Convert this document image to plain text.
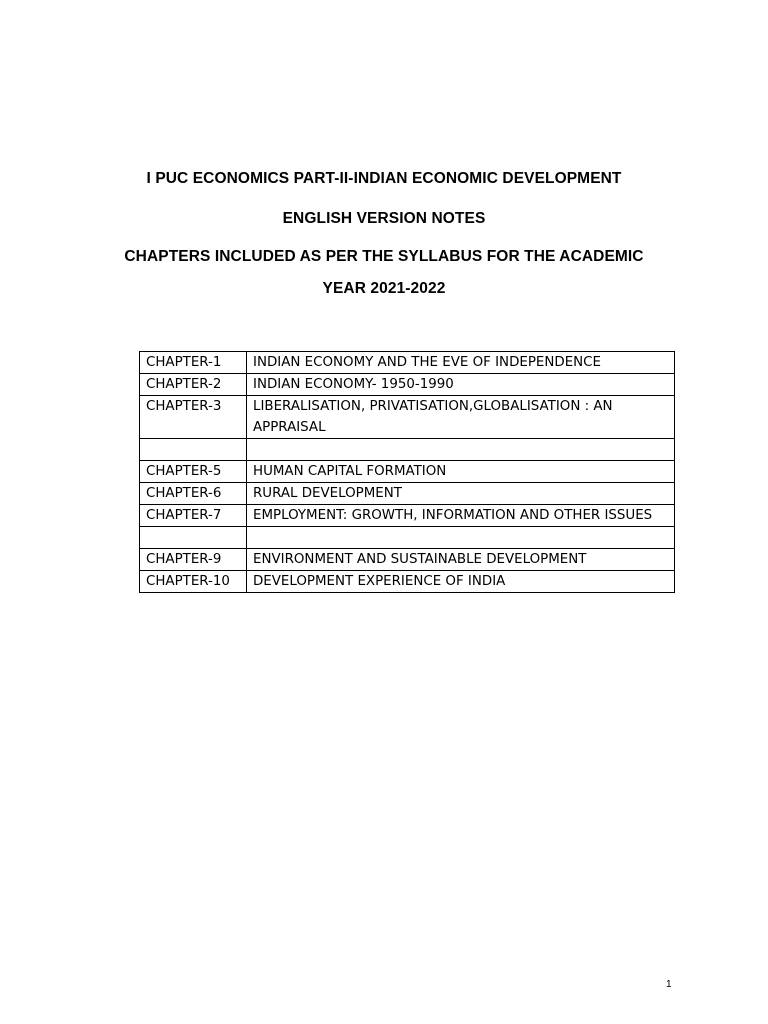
I PUC ECONOMICS PART-II-INDIAN ECONOMIC DEVELOPMENT

ENGLISH VERSION NOTES

CHAPTERS INCLUDED AS PER THE SYLLABUS FOR THE ACADEMIC
YEAR 2021-2022
CHAPTER-1	INDIAN ECONOMY AND THE EVE OF INDEPENDENCE
CHAPTER-2	INDIAN ECONOMY- 1950-1990
CHAPTER-3	LIBERALISATION, PRIVATISATION,GLOBALISATION : AN APPRAISAL

CHAPTER-5	HUMAN CAPITAL FORMATION
CHAPTER-6	RURAL DEVELOPMENT
CHAPTER-7	EMPLOYMENT: GROWTH, INFORMATION AND OTHER ISSUES

CHAPTER-9	ENVIRONMENT AND SUSTAINABLE DEVELOPMENT
CHAPTER-10	DEVELOPMENT EXPERIENCE OF INDIA
1
